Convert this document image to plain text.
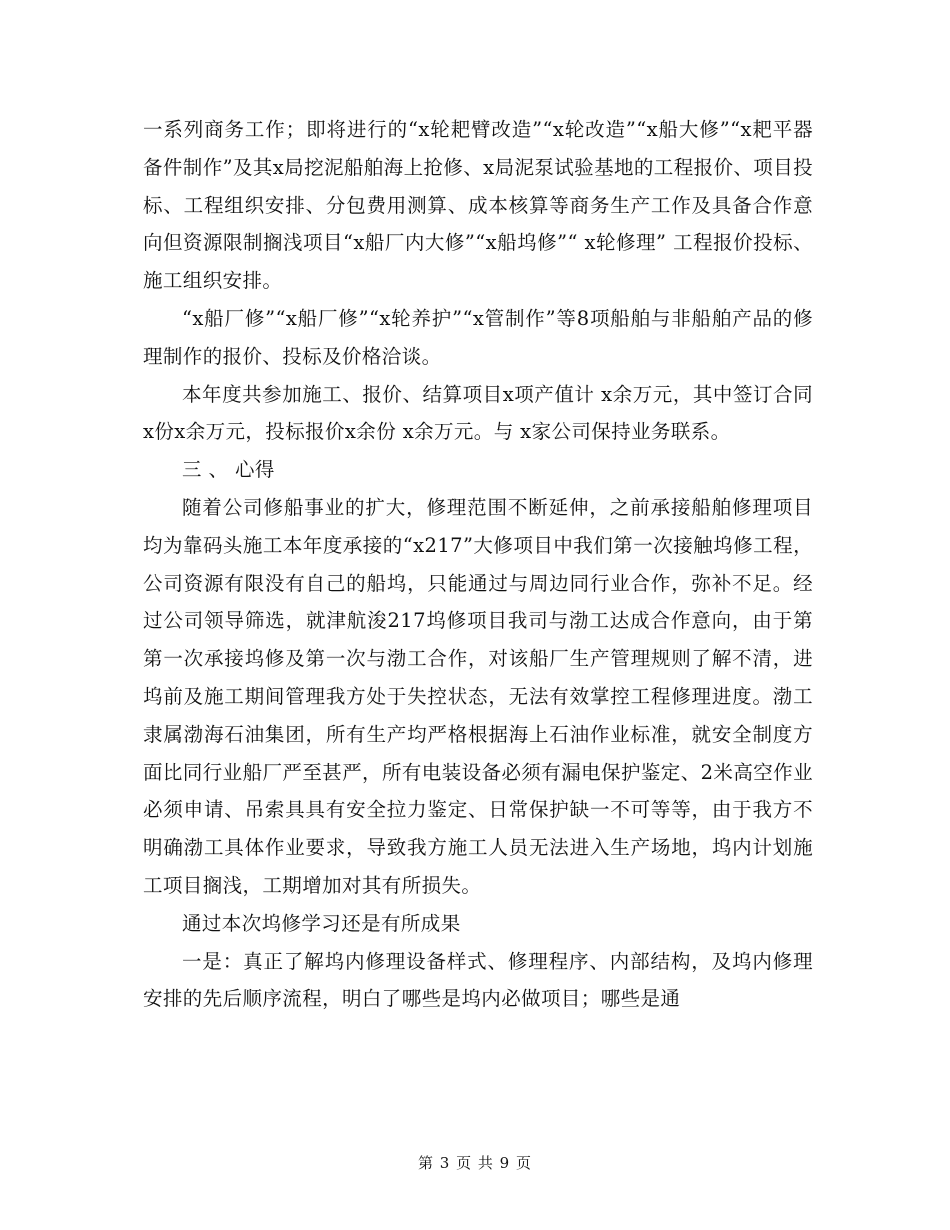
一系列商务工作；即将进行的“x轮耙臂改造”“x轮改造”“x船大修”“x耙平器备件制作”及其x局挖泥船舶海上抢修、x局泥泵试验基地的工程报价、项目投标、工程组织安排、分包费用测算、成本核算等商务生产工作及具备合作意向但资源限制搁浅项目“x船厂内大修”“x船坞修”“ x轮修理” 工程报价投标、施工组织安排。

“x船厂修”“x船厂修”“x轮养护”“x管制作”等8项船舶与非船舶产品的修理制作的报价、投标及价格洽谈。

本年度共参加施工、报价、结算项目x项产值计 x余万元，其中签订合同x份x余万元，投标报价x余份 x余万元。与 x家公司保持业务联系。

三 、 心得

随着公司修船事业的扩大，修理范围不断延伸，之前承接船舶修理项目均为靠码头施工本年度承接的“x217”大修项目中我们第一次接触坞修工程，公司资源有限没有自己的船坞，只能通过与周边同行业合作，弥补不足。经过公司领导筛选，就津航浚217坞修项目我司与渤工达成合作意向，由于第第一次承接坞修及第一次与渤工合作，对该船厂生产管理规则了解不清，进坞前及施工期间管理我方处于失控状态，无法有效掌控工程修理进度。渤工隶属渤海石油集团，所有生产均严格根据海上石油作业标准，就安全制度方面比同行业船厂严至甚严，所有电装设备必须有漏电保护鉴定、2米高空作业必须申请、吊索具具有安全拉力鉴定、日常保护缺一不可等等，由于我方不明确渤工具体作业要求，导致我方施工人员无法进入生产场地，坞内计划施工项目搁浅，工期增加对其有所损失。

通过本次坞修学习还是有所成果

一是：真正了解坞内修理设备样式、修理程序、内部结构，及坞内修理安排的先后顺序流程，明白了哪些是坞内必做项目；哪些是通

第 3 页 共 9 页
